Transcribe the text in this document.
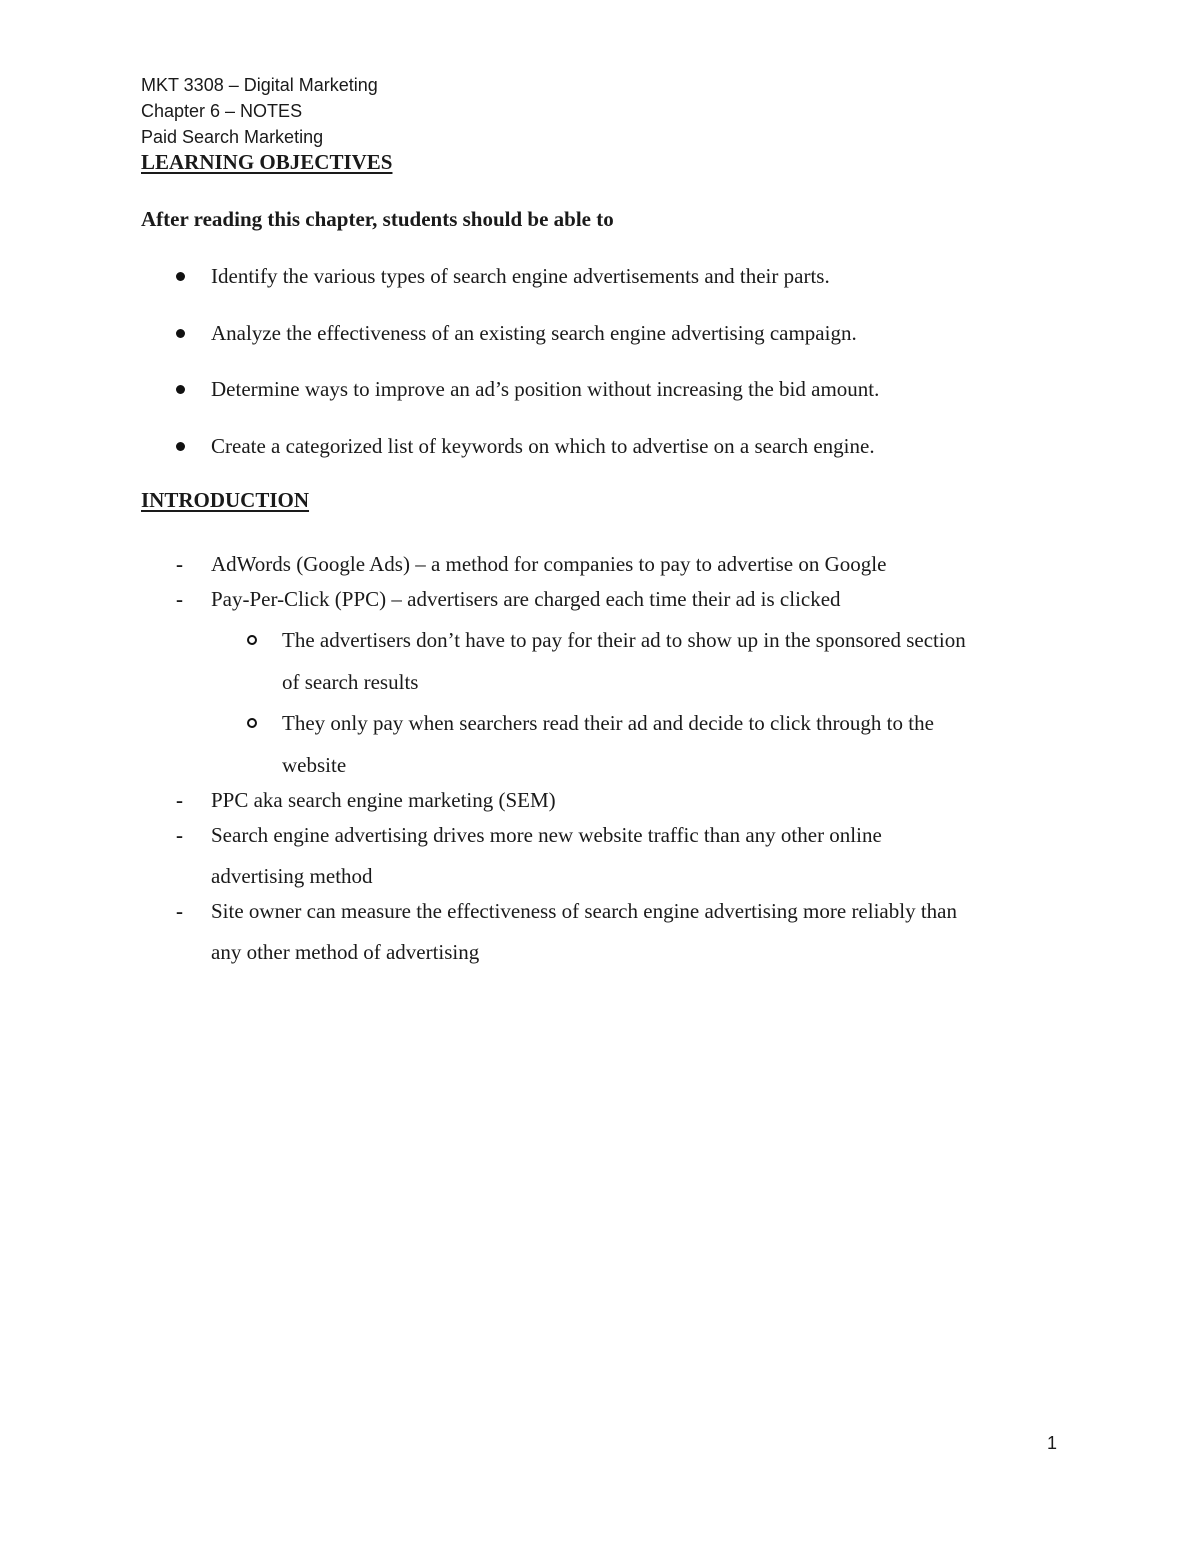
MKT 3308 – Digital Marketing
Chapter 6 – NOTES
Paid Search Marketing
LEARNING OBJECTIVES
After reading this chapter, students should be able to
Identify the various types of search engine advertisements and their parts.
Analyze the effectiveness of an existing search engine advertising campaign.
Determine ways to improve an ad’s position without increasing the bid amount.
Create a categorized list of keywords on which to advertise on a search engine.
INTRODUCTION
- AdWords (Google Ads) – a method for companies to pay to advertise on Google
- Pay-Per-Click (PPC) – advertisers are charged each time their ad is clicked
The advertisers don’t have to pay for their ad to show up in the sponsored section
of search results
They only pay when searchers read their ad and decide to click through to the
website
- PPC aka search engine marketing (SEM)
- Search engine advertising drives more new website traffic than any other online
advertising method
- Site owner can measure the effectiveness of search engine advertising more reliably than
any other method of advertising
1
